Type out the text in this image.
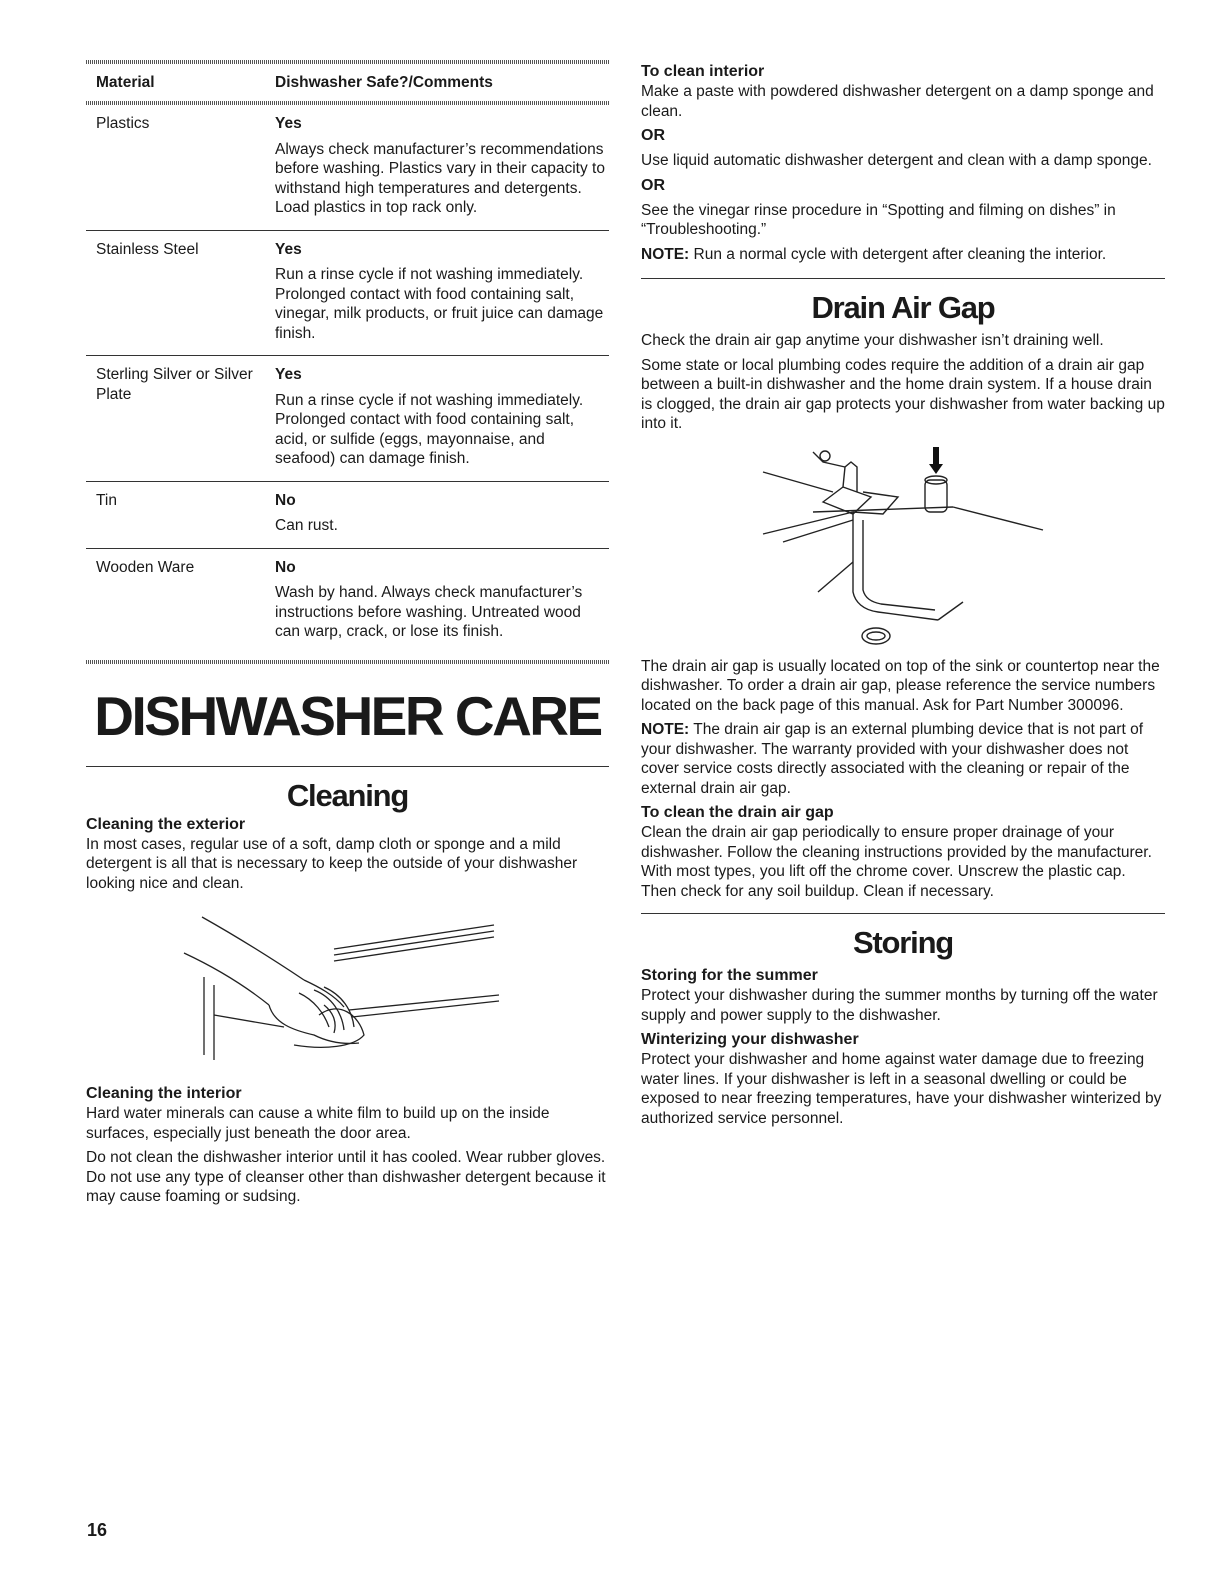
Material	Dishwasher Safe?/Comments

Plastics	Yes
Always check manufacturer’s recommendations before washing. Plastics vary in their capacity to withstand high temperatures and detergents. Load plastics in top rack only.
Stainless Steel	Yes
Run a rinse cycle if not washing immediately. Prolonged contact with food containing salt, vinegar, milk products, or fruit juice can damage finish.
Sterling Silver or Silver Plate	Yes
Run a rinse cycle if not washing immediately. Prolonged contact with food containing salt, acid, or sulfide (eggs, mayonnaise, and seafood) can damage finish.
Tin	No
Can rust.
Wooden Ware	No
Wash by hand. Always check manufacturer’s instructions before washing. Untreated wood can warp, crack, or lose its finish.
DISHWASHER CARE
Cleaning

Cleaning the exterior

In most cases, regular use of a soft, damp cloth or sponge and a mild detergent is all that is necessary to keep the outside of your dishwasher looking nice and clean.

Cleaning the interior

Hard water minerals can cause a white film to build up on the inside surfaces, especially just beneath the door area.

Do not clean the dishwasher interior until it has cooled. Wear rubber gloves. Do not use any type of cleanser other than dishwasher detergent because it may cause foaming or sudsing.

To clean interior

Make a paste with powdered dishwasher detergent on a damp sponge and clean.

OR

Use liquid automatic dishwasher detergent and clean with a damp sponge.

OR

See the vinegar rinse procedure in “Spotting and filming on dishes” in “Troubleshooting.”

NOTE: Run a normal cycle with detergent after cleaning the interior.

Drain Air Gap

Check the drain air gap anytime your dishwasher isn’t draining well.

Some state or local plumbing codes require the addition of a drain air gap between a built-in dishwasher and the home drain system. If a house drain is clogged, the drain air gap protects your dishwasher from water backing up into it.

The drain air gap is usually located on top of the sink or countertop near the dishwasher. To order a drain air gap, please reference the service numbers located on the back page of this manual. Ask for Part Number 300096.

NOTE: The drain air gap is an external plumbing device that is not part of your dishwasher. The warranty provided with your dishwasher does not cover service costs directly associated with the cleaning or repair of the external drain air gap.

To clean the drain air gap

Clean the drain air gap periodically to ensure proper drainage of your dishwasher. Follow the cleaning instructions provided by the manufacturer. With most types, you lift off the chrome cover. Unscrew the plastic cap. Then check for any soil buildup. Clean if necessary.

Storing

Storing for the summer

Protect your dishwasher during the summer months by turning off the water supply and power supply to the dishwasher.

Winterizing your dishwasher

Protect your dishwasher and home against water damage due to freezing water lines. If your dishwasher is left in a seasonal dwelling or could be exposed to near freezing temperatures, have your dishwasher winterized by authorized service personnel.

16
